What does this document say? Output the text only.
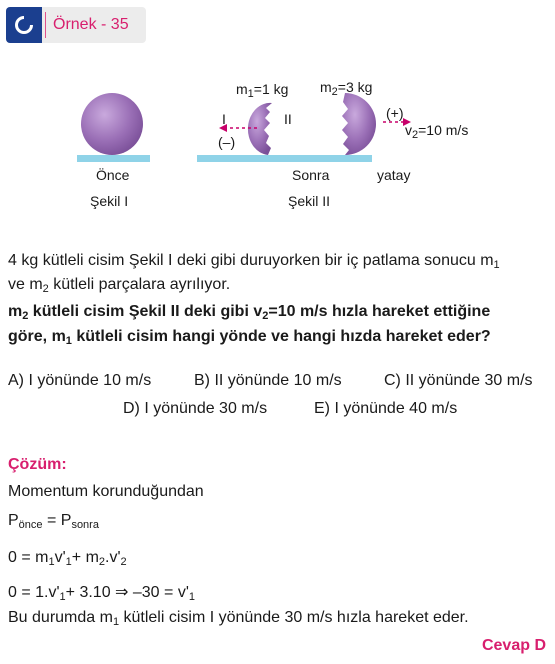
Örnek - 35
Önce
Şekil I
$m_1=1$ kg $m_2=3$ kg
I	II
(–)
(+)
$v_2=10$ m/s
Sonra	yatay
Şekil II
4 kg kütleli cisim Şekil I deki gibi duruyorken bir iç patlama sonucu $m_1$
ve $m_2$ kütleli parçalara ayrılıyor.
$m_2$ kütleli cisim Şekil II deki gibi $v_2=10$ m/s hızla hareket ettiğine
göre, $m_1$ kütleli cisim hangi yönde ve hangi hızda hareket eder?
A) I yönünde 10 m/s	B) II yönünde 10 m/s	C) II yönünde 30 m/s
D) I yönünde 30 m/s	E) I yönünde 40 m/s
Çözüm:
Momentum korunduğundan
$P_{önce} = P_{sonra}$
$0 = m_1v'_1+ m_2.v'_2$
$0 = 1.v'_1+ 3.10$ ⇒ $-30 = v'_1$
Bu durumda $m_1$ kütleli cisim I yönünde 30 m/s hızla hareket eder.
Cevap D
